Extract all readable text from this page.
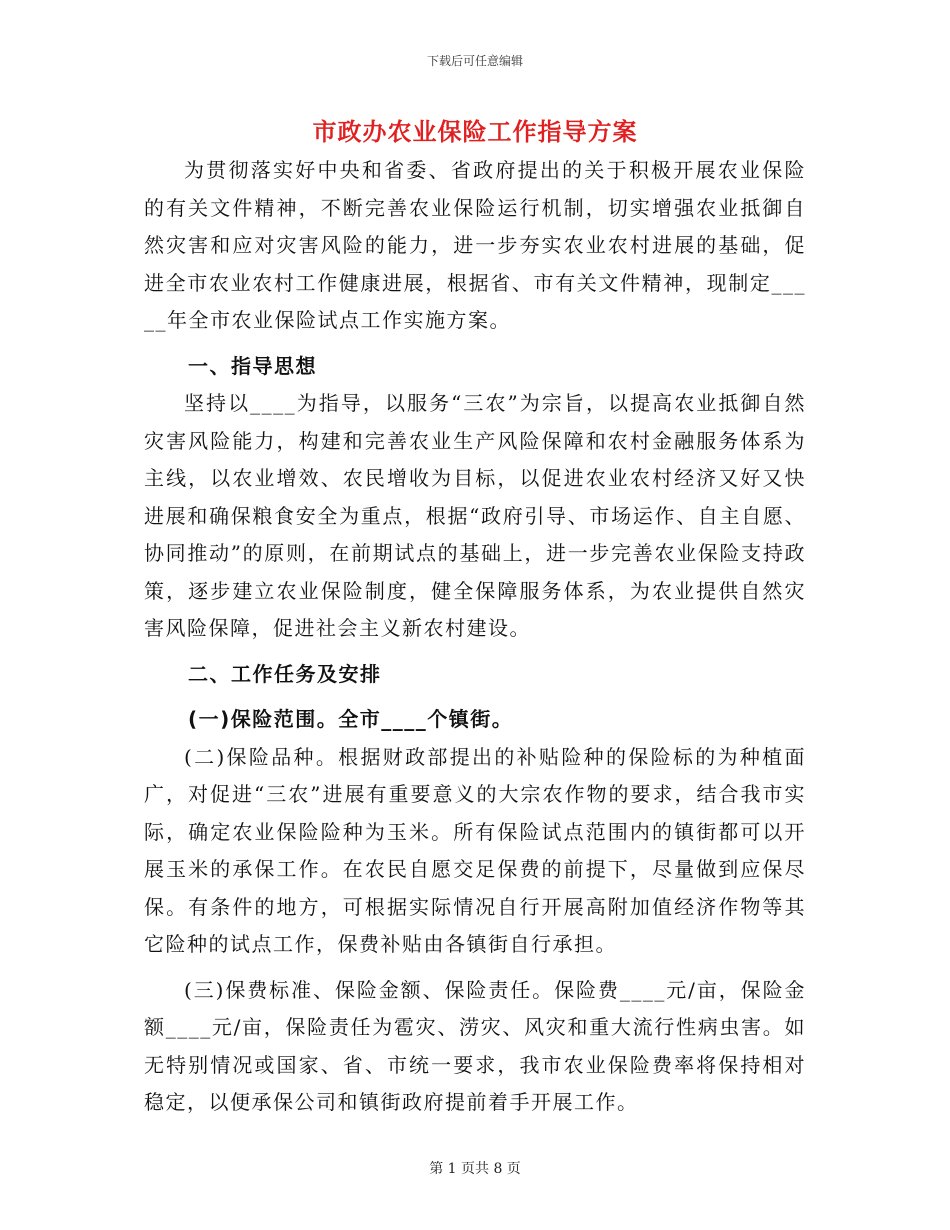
下载后可任意编辑
市政办农业保险工作指导方案

为贯彻落实好中央和省委、省政府提出的关于积极开展农业保险的有关文件精神，不断完善农业保险运行机制，切实增强农业抵御自然灾害和应对灾害风险的能力，进一步夯实农业农村进展的基础，促进全市农业农村工作健康进展，根据省、市有关文件精神，现制定_____年全市农业保险试点工作实施方案。

一、指导思想

坚持以____为指导，以服务“三农”为宗旨，以提高农业抵御自然灾害风险能力，构建和完善农业生产风险保障和农村金融服务体系为主线，以农业增效、农民增收为目标，以促进农业农村经济又好又快进展和确保粮食安全为重点，根据“政府引导、市场运作、自主自愿、协同推动”的原则，在前期试点的基础上，进一步完善农业保险支持政策，逐步建立农业保险制度，健全保障服务体系，为农业提供自然灾害风险保障，促进社会主义新农村建设。

二、工作任务及安排

(一)保险范围。全市____个镇街。

(二)保险品种。根据财政部提出的补贴险种的保险标的为种植面广，对促进“三农”进展有重要意义的大宗农作物的要求，结合我市实际，确定农业保险险种为玉米。所有保险试点范围内的镇街都可以开展玉米的承保工作。在农民自愿交足保费的前提下，尽量做到应保尽保。有条件的地方，可根据实际情况自行开展高附加值经济作物等其它险种的试点工作，保费补贴由各镇街自行承担。

(三)保费标准、保险金额、保险责任。保险费____元/亩，保险金额____元/亩，保险责任为雹灾、涝灾、风灾和重大流行性病虫害。如无特别情况或国家、省、市统一要求，我市农业保险费率将保持相对稳定，以便承保公司和镇街政府提前着手开展工作。

第 1 页共 8 页
